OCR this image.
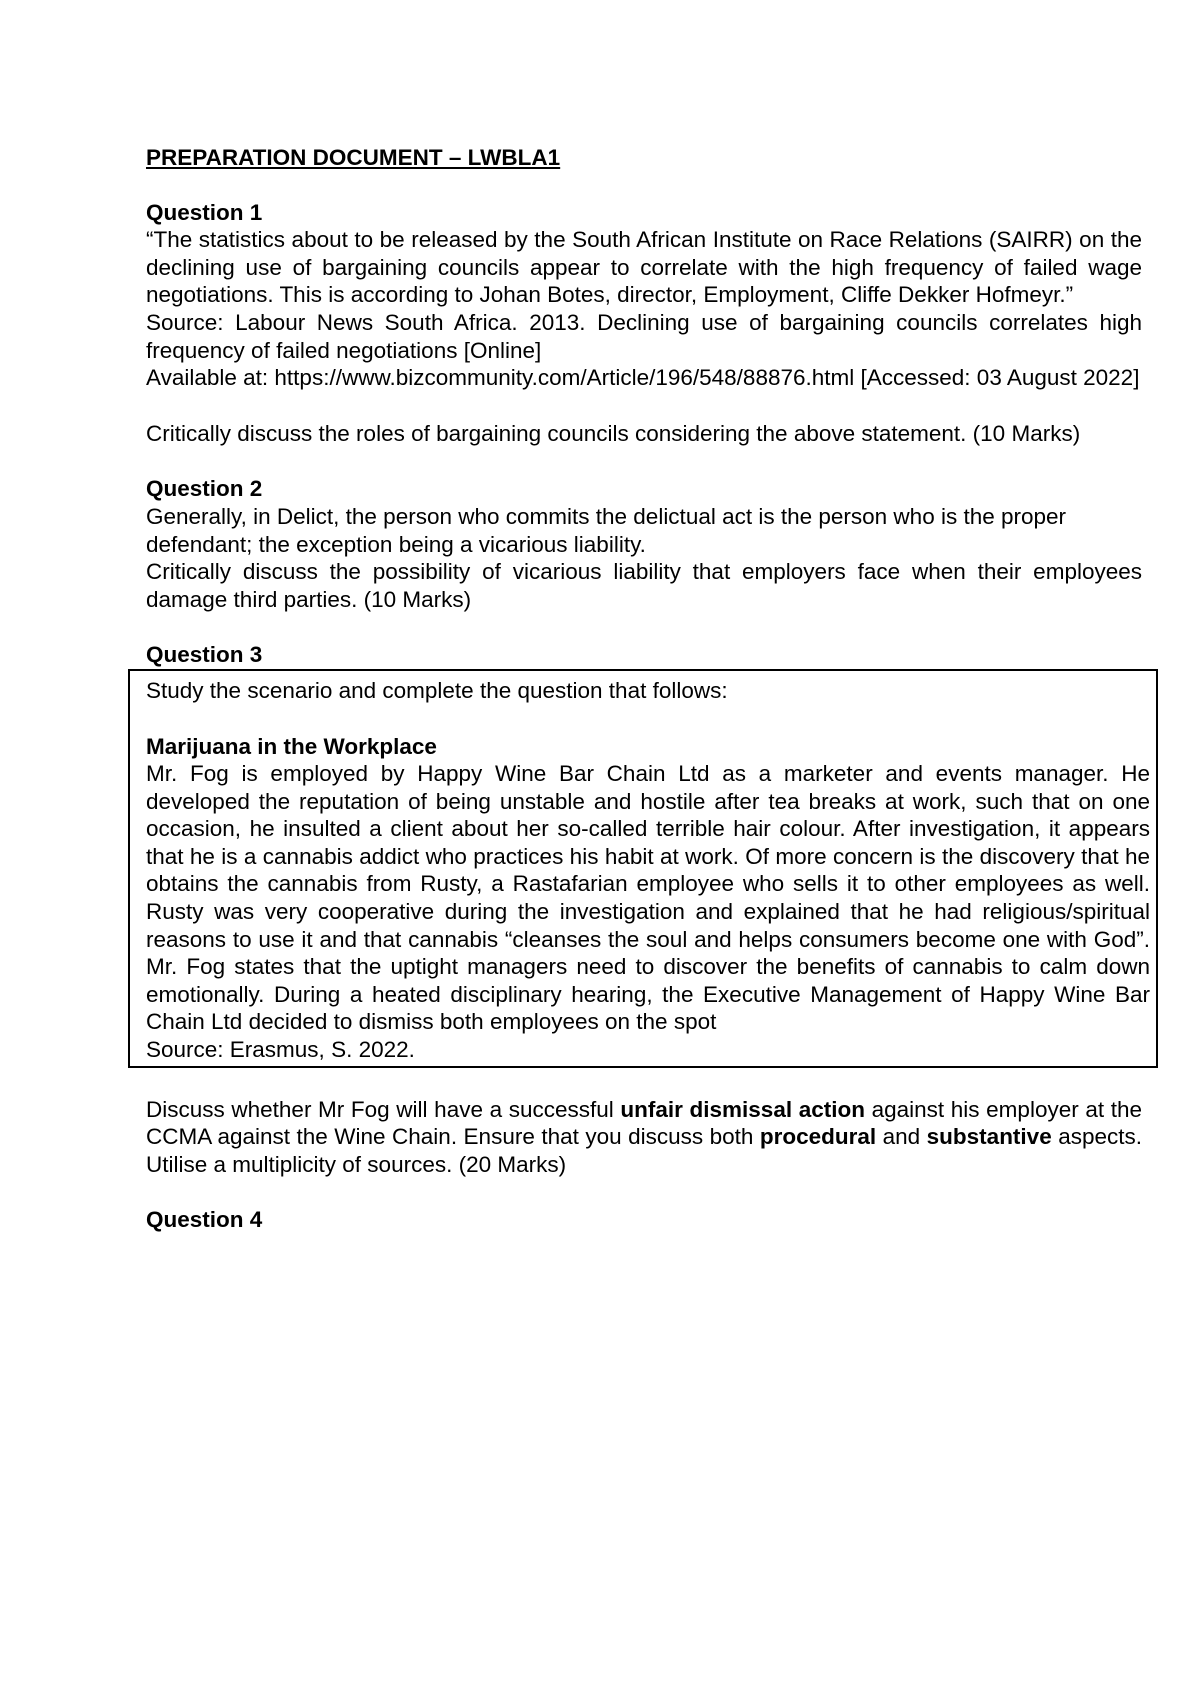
PREPARATION DOCUMENT – LWBLA1

Question 1

“The statistics about to be released by the South African Institute on Race Relations (SAIRR) on the declining use of bargaining councils appear to correlate with the high frequency of failed wage negotiations. This is according to Johan Botes, director, Employment, Cliffe Dekker Hofmeyr.”

Source: Labour News South Africa. 2013. Declining use of bargaining councils correlates high frequency of failed negotiations [Online]

Available at: https://www.bizcommunity.com/Article/196/548/88876.html [Accessed: 03 August 2022]

Critically discuss the roles of bargaining councils considering the above statement. (10 Marks)

Question 2

Generally, in Delict, the person who commits the delictual act is the person who is the proper defendant; the exception being a vicarious liability.

Critically discuss the possibility of vicarious liability that employers face when their employees damage third parties. (10 Marks)

Question 3

Study the scenario and complete the question that follows:

Marijuana in the Workplace

Mr. Fog is employed by Happy Wine Bar Chain Ltd as a marketer and events manager. He developed the reputation of being unstable and hostile after tea breaks at work, such that on one occasion, he insulted a client about her so-called terrible hair colour. After investigation, it appears that he is a cannabis addict who practices his habit at work. Of more concern is the discovery that he obtains the cannabis from Rusty, a Rastafarian employee who sells it to other employees as well. Rusty was very cooperative during the investigation and explained that he had religious/spiritual reasons to use it and that cannabis “cleanses the soul and helps consumers become one with God”. Mr. Fog states that the uptight managers need to discover the benefits of cannabis to calm down emotionally. During a heated disciplinary hearing, the Executive Management of Happy Wine Bar Chain Ltd decided to dismiss both employees on the spot

Source: Erasmus, S. 2022.

Discuss whether Mr Fog will have a successful unfair dismissal action against his employer at the CCMA against the Wine Chain. Ensure that you discuss both procedural and substantive aspects. Utilise a multiplicity of sources. (20 Marks)

Question 4
